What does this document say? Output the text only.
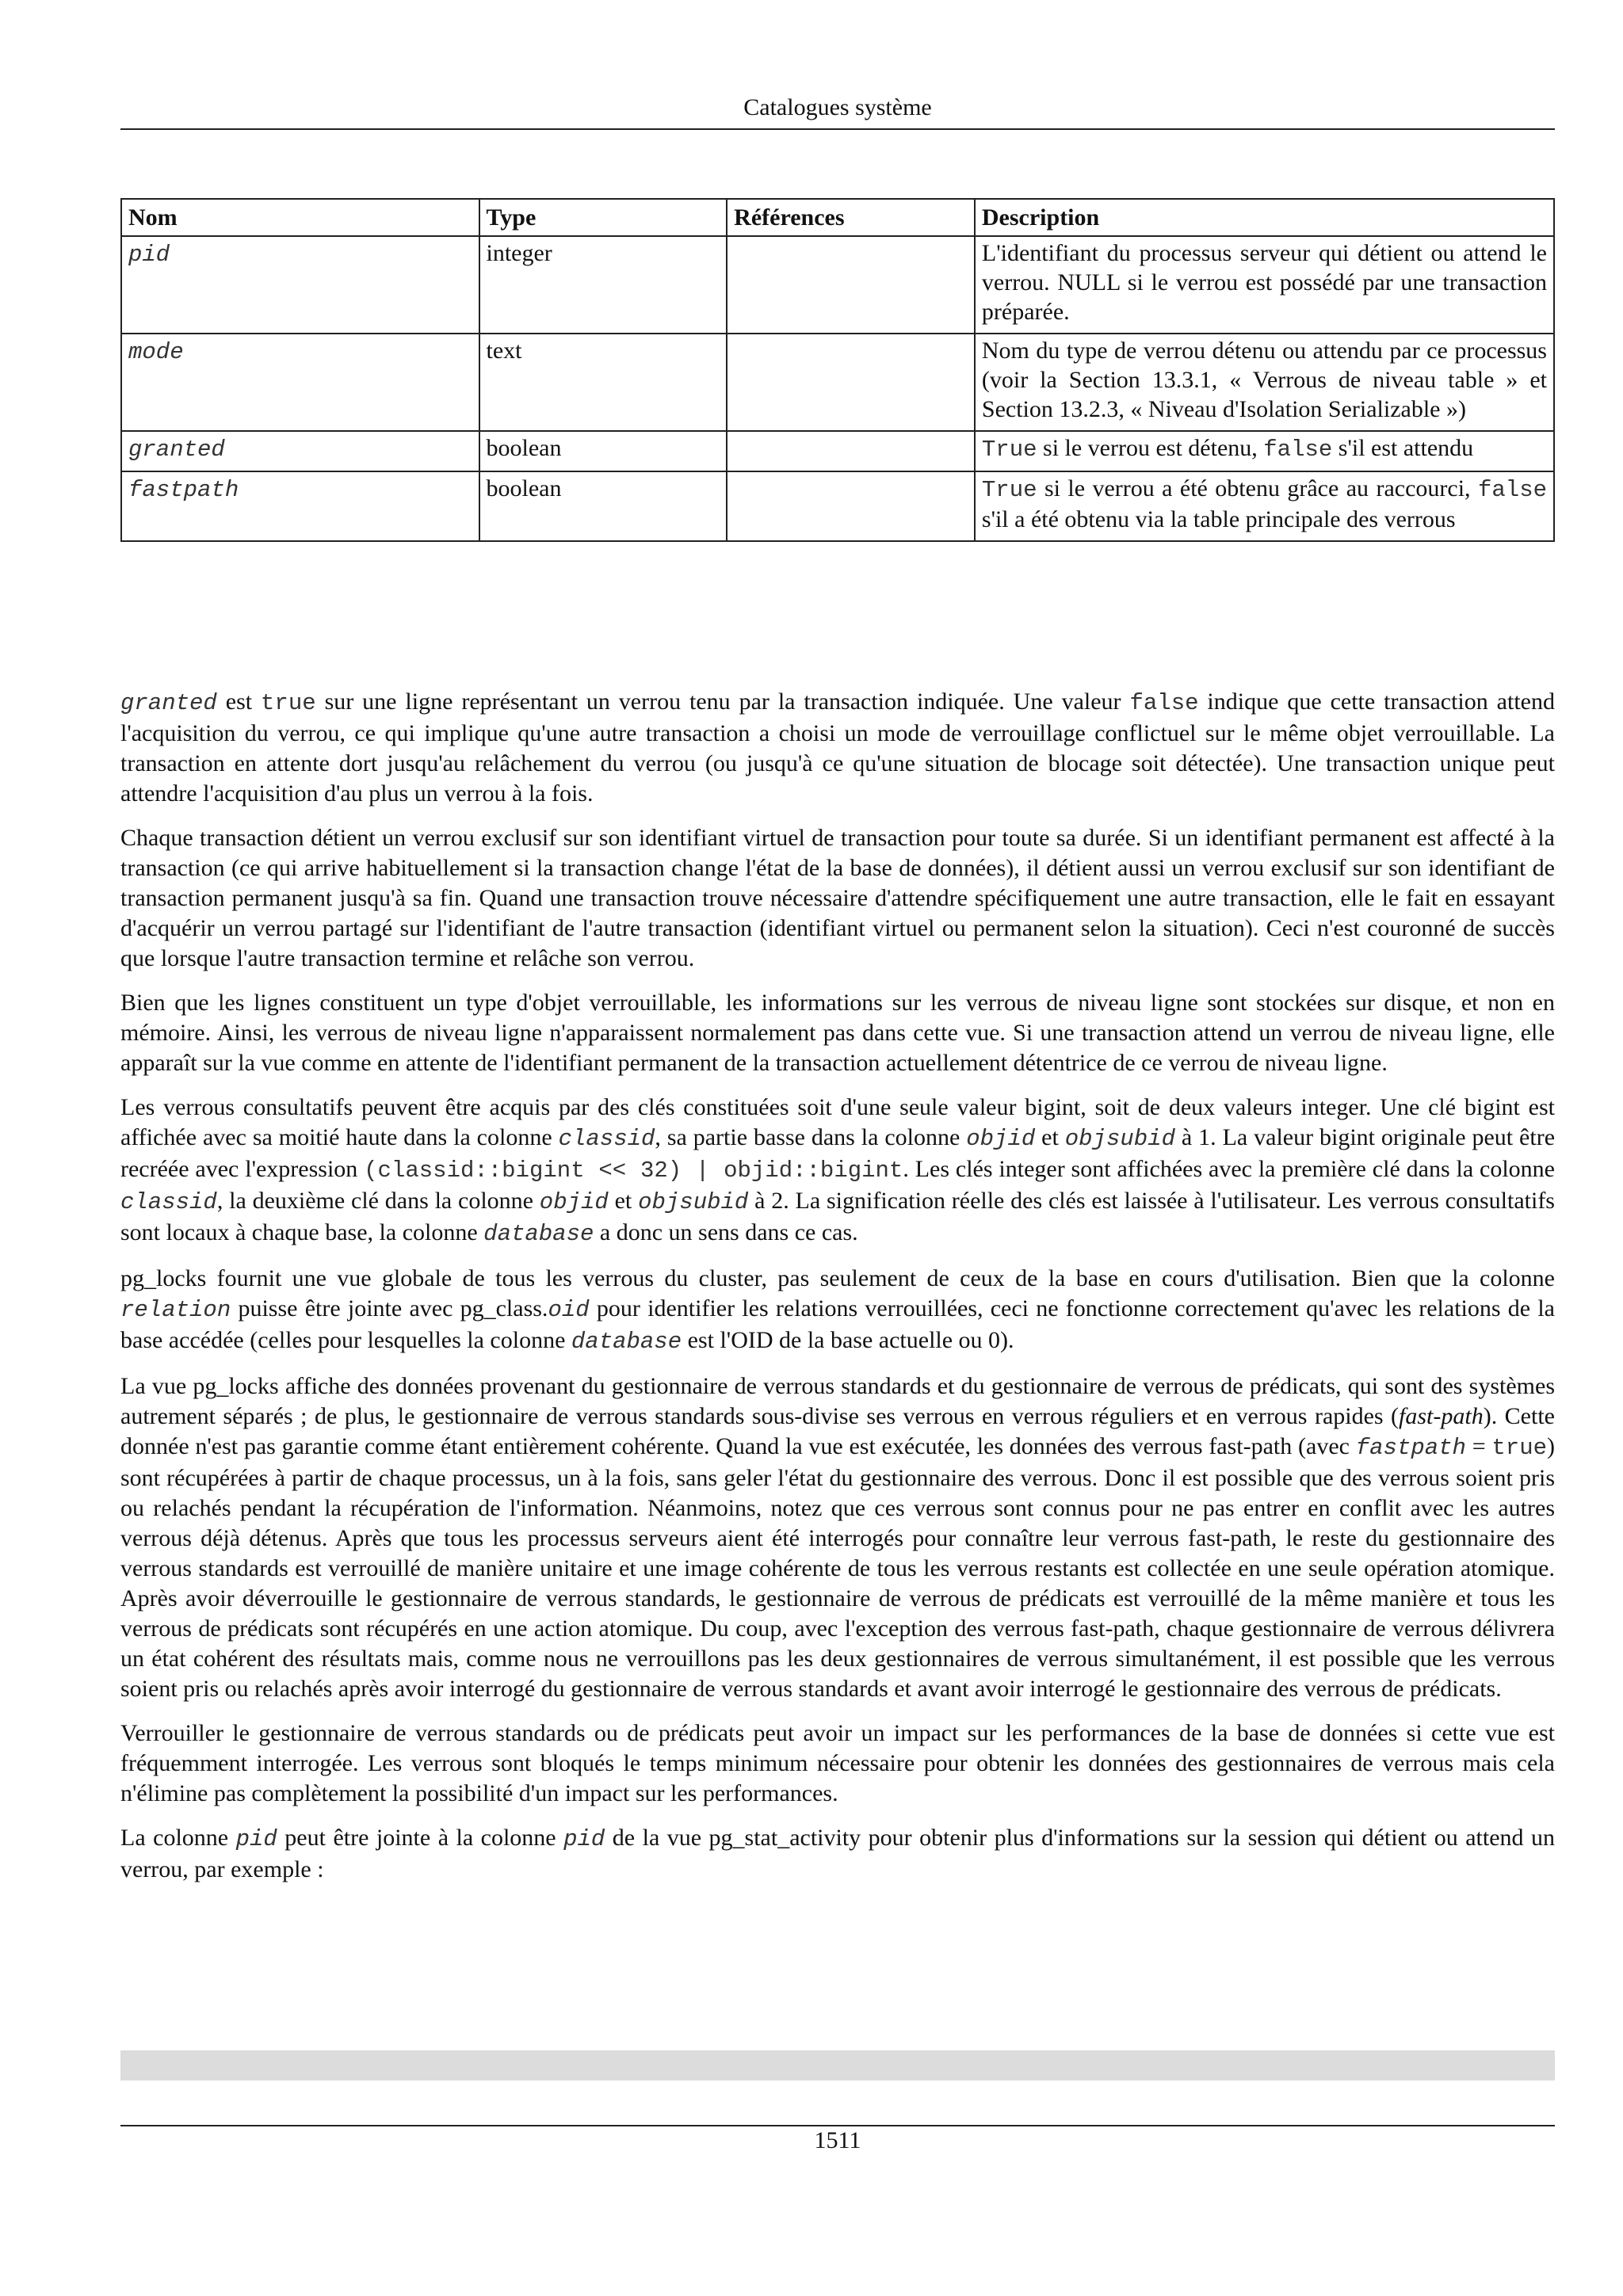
Catalogues système
Nom	Type	Références	Description
pid	integer		L'identifiant du processus serveur qui détient ou attend le verrou. NULL si le verrou est possédé par une transaction préparée.

mode	text		Nom du type de verrou détenu ou attendu par ce processus (voir la Section 13.3.1, « Verrous de niveau table » et Section 13.2.3, « Niveau d'Isolation Serializable »)

granted	boolean		True si le verrou est détenu, false s'il est attendu

fastpath	boolean		True si le verrou a été obtenu grâce au raccourci, false s'il a été obtenu via la table principale des verrous

granted est true sur une ligne représentant un verrou tenu par la transaction indiquée. Une valeur false indique que cette transaction attend l'acquisition du verrou, ce qui implique qu'une autre transaction a choisi un mode de verrouillage conflictuel sur le même objet verrouillable. La transaction en attente dort jusqu'au relâchement du verrou (ou jusqu'à ce qu'une situation de blocage soit détectée). Une transaction unique peut attendre l'acquisition d'au plus un verrou à la fois.

Chaque transaction détient un verrou exclusif sur son identifiant virtuel de transaction pour toute sa durée. Si un identifiant permanent est affecté à la transaction (ce qui arrive habituellement si la transaction change l'état de la base de données), il détient aussi un verrou exclusif sur son identifiant de transaction permanent jusqu'à sa fin. Quand une transaction trouve nécessaire d'attendre spécifiquement une autre transaction, elle le fait en essayant d'acquérir un verrou partagé sur l'identifiant de l'autre transaction (identifiant virtuel ou permanent selon la situation). Ceci n'est couronné de succès que lorsque l'autre transaction termine et relâche son verrou.

Bien que les lignes constituent un type d'objet verrouillable, les informations sur les verrous de niveau ligne sont stockées sur disque, et non en mémoire. Ainsi, les verrous de niveau ligne n'apparaissent normalement pas dans cette vue. Si une transaction attend un verrou de niveau ligne, elle apparaît sur la vue comme en attente de l'identifiant permanent de la transaction actuellement détentrice de ce verrou de niveau ligne.

Les verrous consultatifs peuvent être acquis par des clés constituées soit d'une seule valeur bigint, soit de deux valeurs integer. Une clé bigint est affichée avec sa moitié haute dans la colonne classid, sa partie basse dans la colonne objid et objsubid à 1. La valeur bigint originale peut être recréée avec l'expression (classid::bigint << 32) | objid::bigint. Les clés integer sont affichées avec la première clé dans la colonne classid, la deuxième clé dans la colonne objid et objsubid à 2. La signification réelle des clés est laissée à l'utilisateur. Les verrous consultatifs sont locaux à chaque base, la colonne database a donc un sens dans ce cas.

pg_locks fournit une vue globale de tous les verrous du cluster, pas seulement de ceux de la base en cours d'utilisation. Bien que la colonne relation puisse être jointe avec pg_class.oid pour identifier les relations verrouillées, ceci ne fonctionne correctement qu'avec les relations de la base accédée (celles pour lesquelles la colonne database est l'OID de la base actuelle ou 0).

La vue pg_locks affiche des données provenant du gestionnaire de verrous standards et du gestionnaire de verrous de prédicats, qui sont des systèmes autrement séparés ; de plus, le gestionnaire de verrous standards sous-divise ses verrous en verrous réguliers et en verrous rapides (fast-path). Cette donnée n'est pas garantie comme étant entièrement cohérente. Quand la vue est exécutée, les données des verrous fast-path (avec fastpath = true) sont récupérées à partir de chaque processus, un à la fois, sans geler l'état du gestionnaire des verrous. Donc il est possible que des verrous soient pris ou relachés pendant la récupération de l'information. Néanmoins, notez que ces verrous sont connus pour ne pas entrer en conflit avec les autres verrous déjà détenus. Après que tous les processus serveurs aient été interrogés pour connaître leur verrous fast-path, le reste du gestionnaire des verrous standards est verrouillé de manière unitaire et une image cohérente de tous les verrous restants est collectée en une seule opération atomique. Après avoir déverrouille le gestionnaire de verrous standards, le gestionnaire de verrous de prédicats est verrouillé de la même manière et tous les verrous de prédicats sont récupérés en une action atomique. Du coup, avec l'exception des verrous fast-path, chaque gestionnaire de verrous délivrera un état cohérent des résultats mais, comme nous ne verrouillons pas les deux gestionnaires de verrous simultanément, il est possible que les verrous soient pris ou relachés après avoir interrogé du gestionnaire de verrous standards et avant avoir interrogé le gestionnaire des verrous de prédicats.

Verrouiller le gestionnaire de verrous standards ou de prédicats peut avoir un impact sur les performances de la base de données si cette vue est fréquemment interrogée. Les verrous sont bloqués le temps minimum nécessaire pour obtenir les données des gestionnaires de verrous mais cela n'élimine pas complètement la possibilité d'un impact sur les performances.

La colonne pid peut être jointe à la colonne pid de la vue pg_stat_activity pour obtenir plus d'informations sur la session qui détient ou attend un verrou, par exemple :

1511
